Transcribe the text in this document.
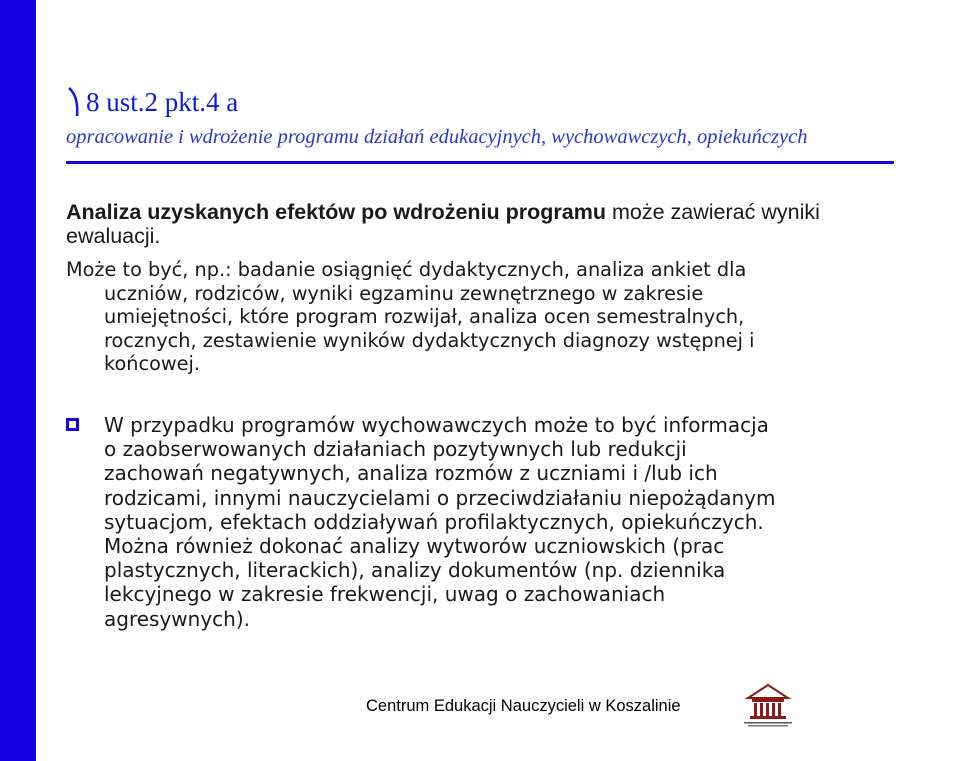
8 ust.2 pkt.4 a
opracowanie i wdrożenie programu działań edukacyjnych, wychowawczych, opiekuńczych
Analiza uzyskanych efektów po wdrożeniu programu może zawierać wyniki ewaluacji.
Może to być, np.: badanie osiągnięć dydaktycznych, analiza ankiet dla
uczniów, rodziców, wyniki egzaminu zewnętrznego w zakresie
umiejętności, które program rozwijał, analiza ocen semestralnych,
rocznych, zestawienie wyników dydaktycznych diagnozy wstępnej i
końcowej.
W przypadku programów wychowawczych może to być informacja
o zaobserwowanych działaniach pozytywnych lub redukcji
zachowań negatywnych, analiza rozmów z uczniami i /lub ich
rodzicami, innymi nauczycielami o przeciwdziałaniu niepożądanym
sytuacjom, efektach oddziaływań profilaktycznych, opiekuńczych.
Można również dokonać analizy wytworów uczniowskich (prac
plastycznych, literackich), analizy dokumentów (np. dziennika
lekcyjnego w zakresie frekwencji, uwag o zachowaniach
agresywnych).
Centrum Edukacji Nauczycieli w Koszalinie
